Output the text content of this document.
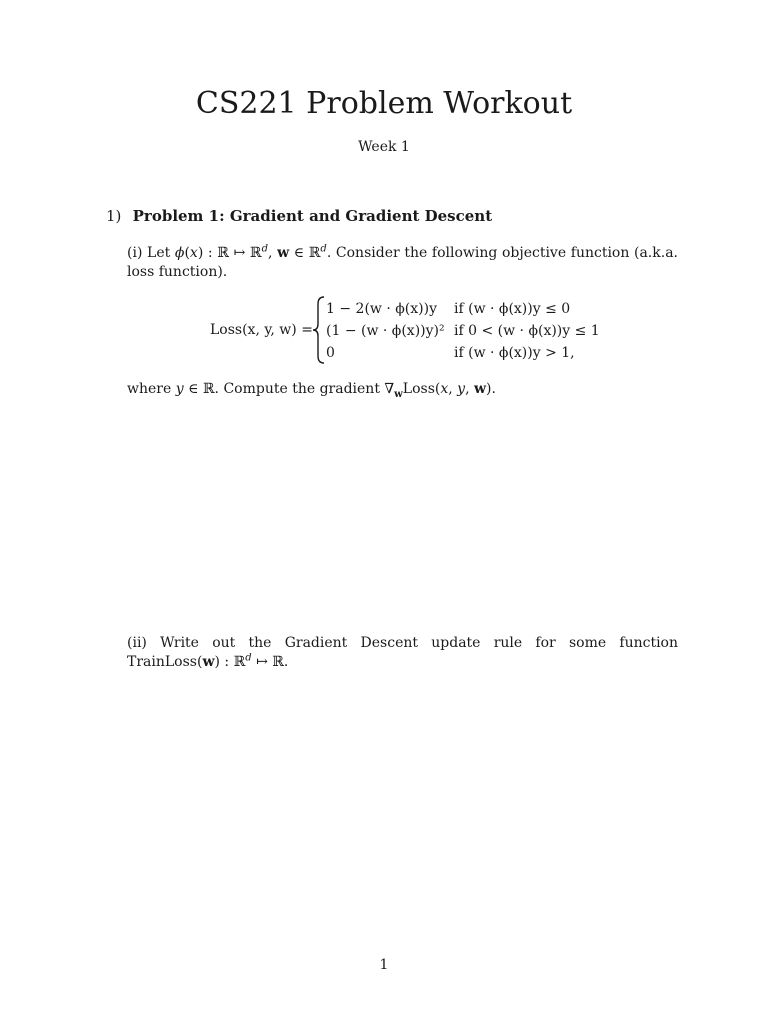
CS221 Problem Workout
Week 1
1) Problem 1: Gradient and Gradient Descent
(i) Let ϕ(x) : ℝ ↦ ℝ$^d$, w ∈ ℝ$^d$. Consider the following objective function (a.k.a. loss function).
Loss(x, y, w) =
1 − 2(w · ϕ(x))y if (w · ϕ(x))y ≤ 0
(1 − (w · ϕ(x))y)² if 0 < (w · ϕ(x))y ≤ 1
0	if (w · ϕ(x))y > 1,
where y ∈ ℝ. Compute the gradient $\nabla_wLoss(x$, y, w).
(ii) Write out the Gradient Descent update rule for some function TrainLoss(w) : ℝ$^d$ ↦ ℝ.
1
